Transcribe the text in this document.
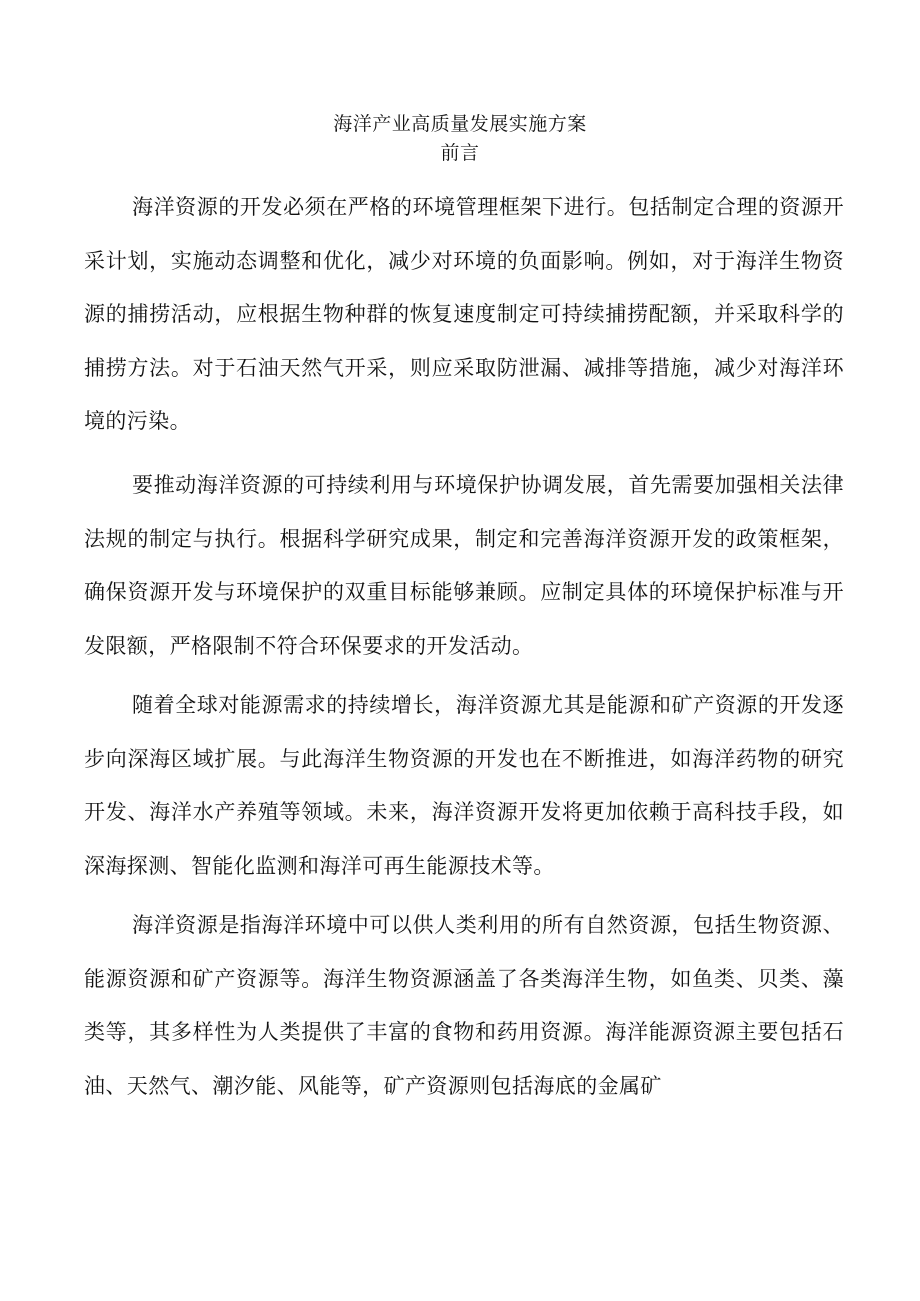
海洋产业高质量发展实施方案
前言

海洋资源的开发必须在严格的环境管理框架下进行。包括制定合理的资源开采计划，实施动态调整和优化，减少对环境的负面影响。例如，对于海洋生物资源的捕捞活动，应根据生物种群的恢复速度制定可持续捕捞配额，并采取科学的捕捞方法。对于石油天然气开采，则应采取防泄漏、减排等措施，减少对海洋环境的污染。

要推动海洋资源的可持续利用与环境保护协调发展，首先需要加强相关法律法规的制定与执行。根据科学研究成果，制定和完善海洋资源开发的政策框架，确保资源开发与环境保护的双重目标能够兼顾。应制定具体的环境保护标准与开发限额，严格限制不符合环保要求的开发活动。

随着全球对能源需求的持续增长，海洋资源尤其是能源和矿产资源的开发逐步向深海区域扩展。与此海洋生物资源的开发也在不断推进，如海洋药物的研究开发、海洋水产养殖等领域。未来，海洋资源开发将更加依赖于高科技手段，如深海探测、智能化监测和海洋可再生能源技术等。

海洋资源是指海洋环境中可以供人类利用的所有自然资源，包括生物资源、能源资源和矿产资源等。海洋生物资源涵盖了各类海洋生物，如鱼类、贝类、藻类等，其多样性为人类提供了丰富的食物和药用资源。海洋能源资源主要包括石油、天然气、潮汐能、风能等，矿产资源则包括海底的金属矿
